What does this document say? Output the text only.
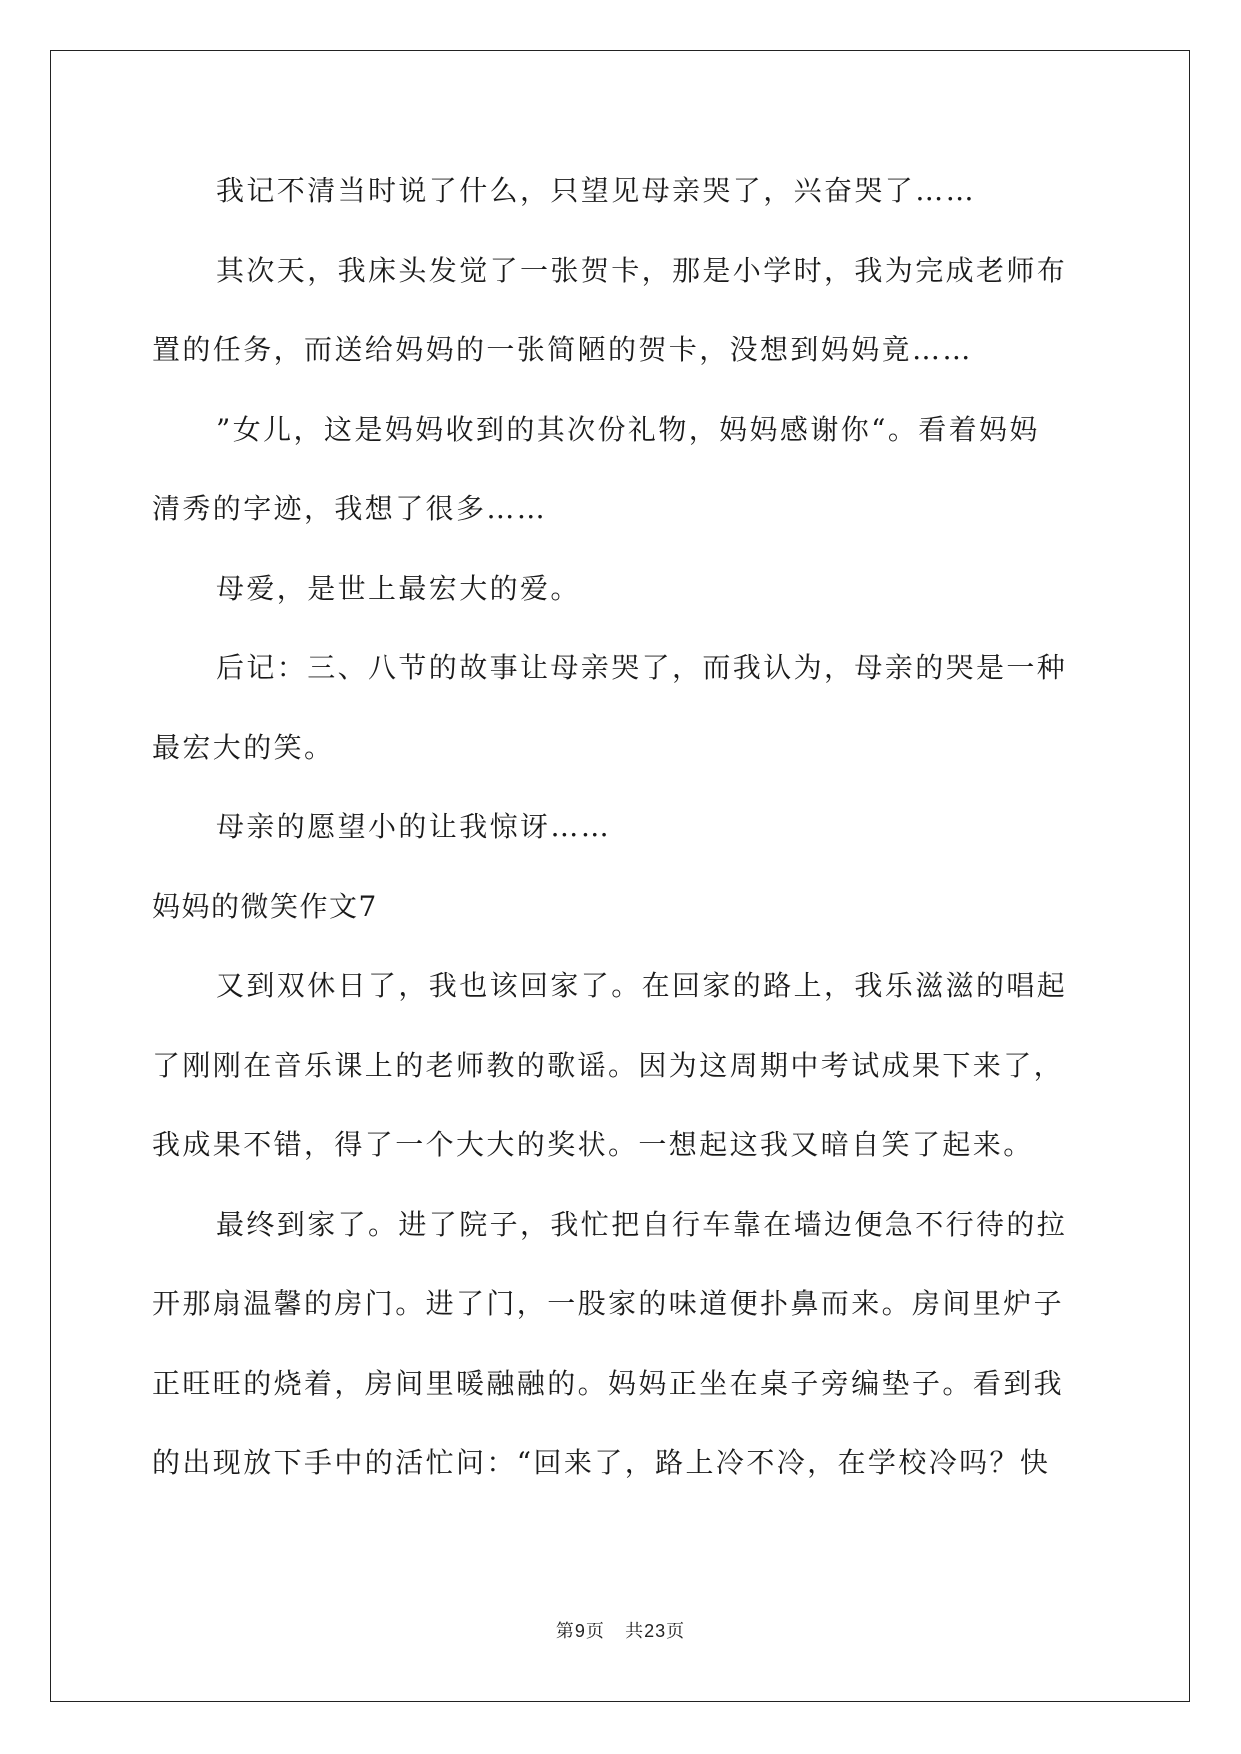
我记不清当时说了什么，只望见母亲哭了，兴奋哭了……
其次天，我床头发觉了一张贺卡，那是小学时，我为完成老师布
置的任务，而送给妈妈的一张简陋的贺卡，没想到妈妈竟……
”女儿，这是妈妈收到的其次份礼物，妈妈感谢你“。看着妈妈
清秀的字迹，我想了很多……
母爱，是世上最宏大的爱。
后记：三、八节的故事让母亲哭了，而我认为，母亲的哭是一种
最宏大的笑。
母亲的愿望小的让我惊讶……
妈妈的微笑作文7
又到双休日了，我也该回家了。在回家的路上，我乐滋滋的唱起
了刚刚在音乐课上的老师教的歌谣。因为这周期中考试成果下来了，
我成果不错，得了一个大大的奖状。一想起这我又暗自笑了起来。
最终到家了。进了院子，我忙把自行车靠在墙边便急不行待的拉
开那扇温馨的房门。进了门，一股家的味道便扑鼻而来。房间里炉子
正旺旺的烧着，房间里暖融融的。妈妈正坐在桌子旁编垫子。看到我
的出现放下手中的活忙问：“回来了，路上冷不冷，在学校冷吗？快
第9页 共23页
